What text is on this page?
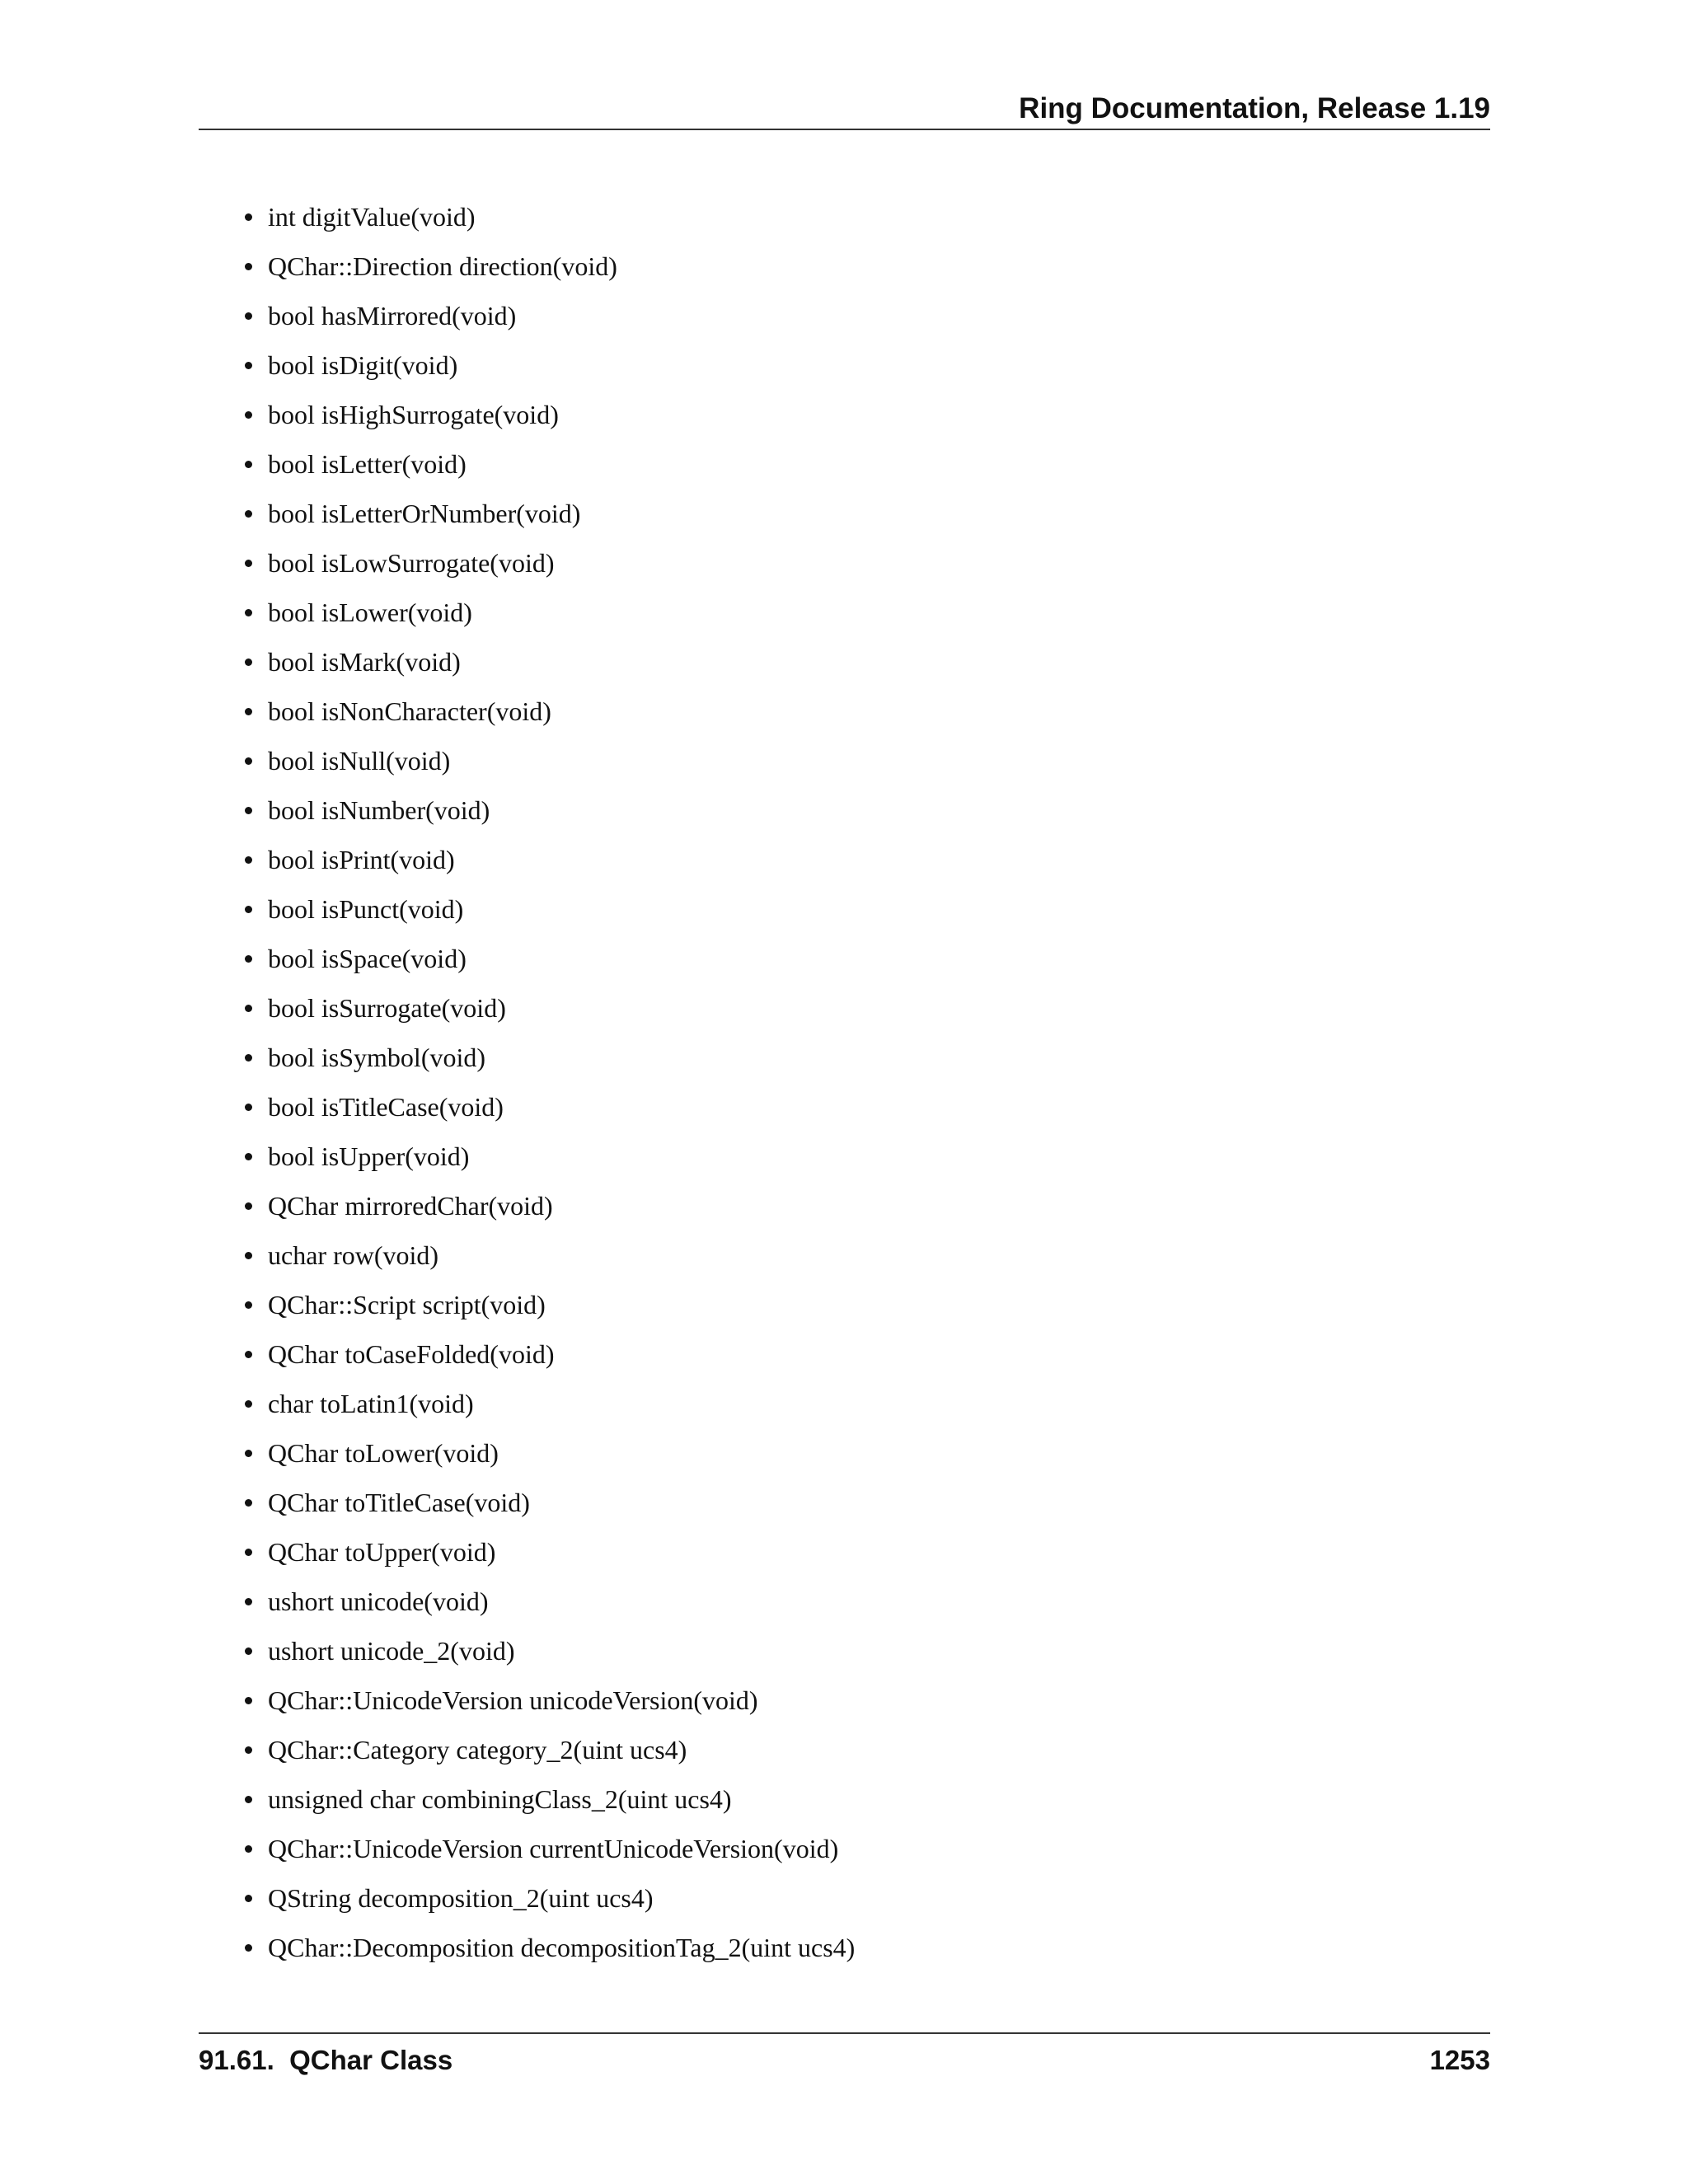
Ring Documentation, Release 1.19
int digitValue(void)
QChar::Direction direction(void)
bool hasMirrored(void)
bool isDigit(void)
bool isHighSurrogate(void)
bool isLetter(void)
bool isLetterOrNumber(void)
bool isLowSurrogate(void)
bool isLower(void)
bool isMark(void)
bool isNonCharacter(void)
bool isNull(void)
bool isNumber(void)
bool isPrint(void)
bool isPunct(void)
bool isSpace(void)
bool isSurrogate(void)
bool isSymbol(void)
bool isTitleCase(void)
bool isUpper(void)
QChar mirroredChar(void)
uchar row(void)
QChar::Script script(void)
QChar toCaseFolded(void)
char toLatin1(void)
QChar toLower(void)
QChar toTitleCase(void)
QChar toUpper(void)
ushort unicode(void)
ushort unicode_2(void)
QChar::UnicodeVersion unicodeVersion(void)
QChar::Category category_2(uint ucs4)
unsigned char combiningClass_2(uint ucs4)
QChar::UnicodeVersion currentUnicodeVersion(void)
QString decomposition_2(uint ucs4)
QChar::Decomposition decompositionTag_2(uint ucs4)
91.61.  QChar Class	1253
